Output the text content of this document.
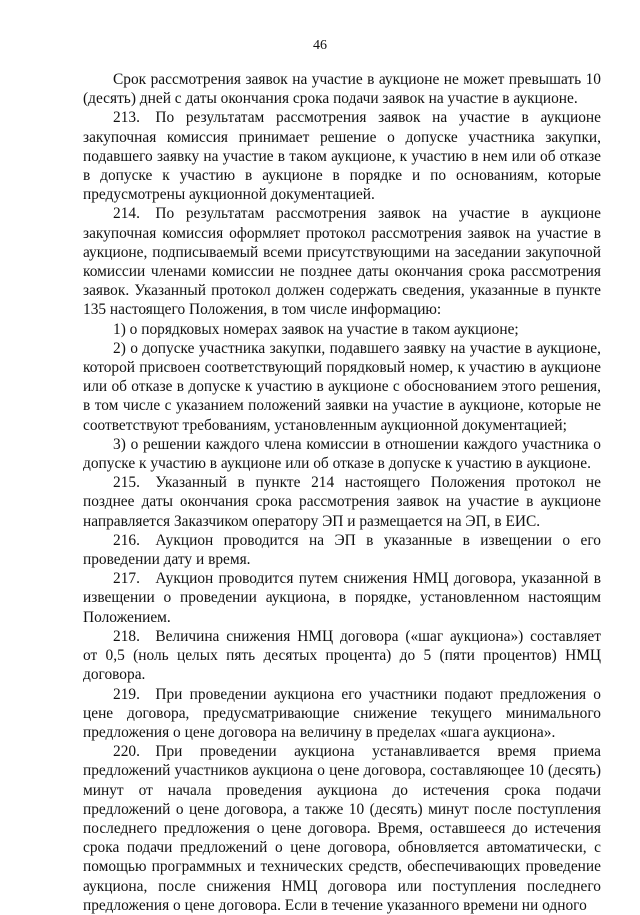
46

Срок рассмотрения заявок на участие в аукционе не может превышать 10 (десять) дней с даты окончания срока подачи заявок на участие в аукционе.

213. По результатам рассмотрения заявок на участие в аукционе закупочная комиссия принимает решение о допуске участника закупки, подавшего заявку на участие в таком аукционе, к участию в нем или об отказе в допуске к участию в аукционе в порядке и по основаниям, которые предусмотрены аукционной документацией.

214. По результатам рассмотрения заявок на участие в аукционе закупочная комиссия оформляет протокол рассмотрения заявок на участие в аукционе, подписываемый всеми присутствующими на заседании закупочной комиссии членами комиссии не позднее даты окончания срока рассмотрения заявок. Указанный протокол должен содержать сведения, указанные в пункте 135 настоящего Положения, в том числе информацию:

1) о порядковых номерах заявок на участие в таком аукционе;

2) о допуске участника закупки, подавшего заявку на участие в аукционе, которой присвоен соответствующий порядковый номер, к участию в аукционе или об отказе в допуске к участию в аукционе с обоснованием этого решения, в том числе с указанием положений заявки на участие в аукционе, которые не соответствуют требованиям, установленным аукционной документацией;

3) о решении каждого члена комиссии в отношении каждого участника о допуске к участию в аукционе или об отказе в допуске к участию в аукционе.

215. Указанный в пункте 214 настоящего Положения протокол не позднее даты окончания срока рассмотрения заявок на участие в аукционе направляется Заказчиком оператору ЭП и размещается на ЭП, в ЕИС.

216. Аукцион проводится на ЭП в указанные в извещении о его проведении дату и время.

217. Аукцион проводится путем снижения НМЦ договора, указанной в извещении о проведении аукциона, в порядке, установленном настоящим Положением.

218. Величина снижения НМЦ договора («шаг аукциона») составляет от 0,5 (ноль целых пять десятых процента) до 5 (пяти процентов) НМЦ договора.

219. При проведении аукциона его участники подают предложения о цене договора, предусматривающие снижение текущего минимального предложения о цене договора на величину в пределах «шага аукциона».

220. При проведении аукциона устанавливается время приема предложений участников аукциона о цене договора, составляющее 10 (десять) минут от начала проведения аукциона до истечения срока подачи предложений о цене договора, а также 10 (десять) минут после поступления последнего предложения о цене договора. Время, оставшееся до истечения срока подачи предложений о цене договора, обновляется автоматически, с помощью программных и технических средств, обеспечивающих проведение аукциона, после снижения НМЦ договора или поступления последнего предложения о цене договора. Если в течение указанного времени ни одного
